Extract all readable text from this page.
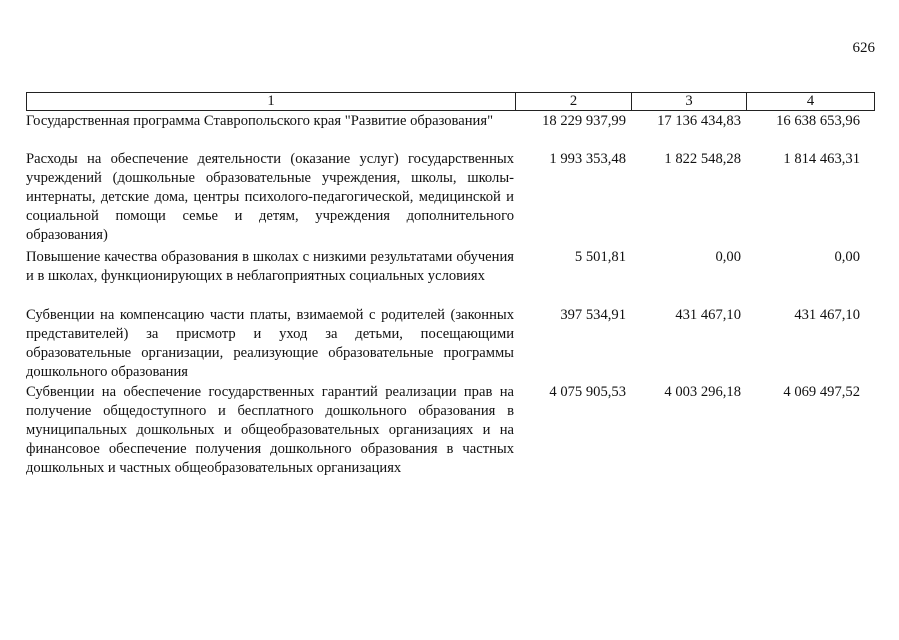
626
1	2	3	4
Государственная программа Ставропольского края "Развитие образования"	18 229 937,99	17 136 434,83	16 638 653,96
Расходы на обеспечение деятельности (оказание услуг) государственных учреждений (дошкольные образовательные учреждения, школы, школы-интернаты, детские дома, центры психолого-педагогической, медицинской и социальной помощи семье и детям, учреждения дополнительного образования)
1 993 353,48	1 822 548,28	1 814 463,31
Повышение качества образования в школах с низкими результатами обучения и в школах, функционирующих в неблагоприятных социальных условиях
5 501,81	0,00	0,00
Субвенции на компенсацию части платы, взимаемой с родителей (законных представителей) за присмотр и уход за детьми, посещающими образовательные организации, реализующие образовательные программы дошкольного образования
397 534,91	431 467,10	431 467,10
Субвенции на обеспечение государственных гарантий реализации прав на получение общедоступного и бесплатного дошкольного образования в муниципальных дошкольных и общеобразовательных организациях и на финансовое обеспечение получения дошкольного образования в частных дошкольных и частных общеобразовательных организациях
4 075 905,53	4 003 296,18	4 069 497,52
